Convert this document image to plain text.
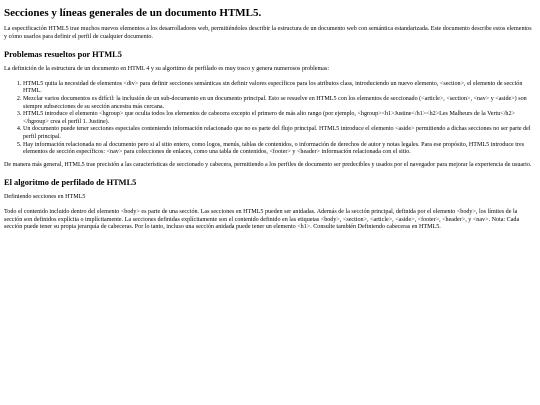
Secciones y líneas generales de un documento HTML5.

La especificación HTML5 trae muchos nuevos elementos a los desarrolladores web, permitiéndoles describir la estructura de un documento web con semántica estandarizada. Este documento describe estos elementos y cómo usarlos para definir el perfil de cualquier documento.

Problemas resueltos por HTML5

La definición de la estructura de un documento en HTML 4 y su algoritmo de perfilado es muy tosco y genera numerosos problemas:

1. HTML5 quita la necesidad de elementos <div> para definir secciones semánticas sin definir valores específicos para los atributos class, introduciendo un nuevo elemento, <section>, el elemento de sección HTML.
2. Mezclar varios documentos es difícil: la inclusión de un sub-documento en un documento principal. Esto se resuelve en HTML5 con los elementos de seccionado (<article>, <section>, <nav> y <aside>) son siempre subsecciones de su sección ancestra más cercana.
3. HTML5 introduce el elemento <hgroup> que oculta todos los elementos de cabecera excepto el primero de más alto rango (por ejemplo, <hgroup><h1>Justine</h1><h2>Les Malheurs de la Vertu</h2></hgroup> crea el perfil 1. Justine).
4. Un documento puede tener secciones especiales conteniendo información relacionado que no es parte del flujo principal. HTML5 introduce el elemento <aside> permitiendo a dichas secciones no ser parte del perfil principal.
5. Hay información relacionada no al documento pero si al sitio entero, como logos, menús, tablas de contenidos, o información de derechos de autor y notas legales. Para ese propósito, HTML5 introduce tres elementos de sección específicos: <nav> para colecciones de enlaces, como una tabla de contenidos, <footer> y <header> información relacionada con el sitio.

De manera más general, HTML5 trae precisión a las características de seccionado y cabecera, permitiendo a los perfiles de documento ser predecibles y usados por el navegador para mejorar la experiencia de usuario.

El algoritmo de perfilado de HTML5

Definiendo secciones en HTML5

Todo el contenido incluido dentro del elemento <body> es parte de una sección. Las secciones en HTML5 pueden ser anidadas. Además de la sección principal, definida por el elemento <body>, los límites de la sección son definidos explícita o implícitamente. La secciones definidas explícitamente son el contenido definido en las etiquetas <body>, <section>, <article>, <aside>, <footer>, <header>, y <nav>. Nota: Cada sección puede tener su propia jerarquía de cabeceras. Por lo tanto, incluso una sección anidada puede tener un elemento <h1>. Consulte también Definiendo cabeceras en HTML5.
